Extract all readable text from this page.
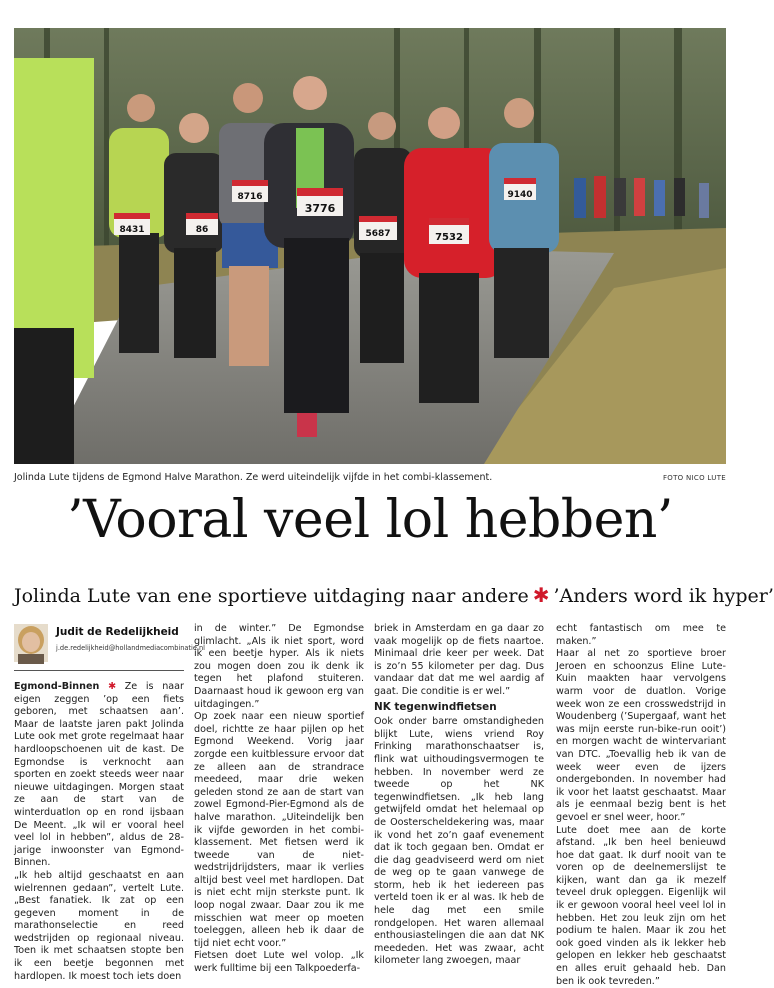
3776
8716
7532
5687
8431
9140
86
Jolinda Lute tijdens de Egmond Halve Marathon. Ze werd uiteindelijk vijfde in het combi-klassement.	FOTO NICO LUTE
’Vooral veel lol hebben’
Jolinda Lute van ene sportieve uitdaging naar andere ✱ ’Anders word ik hyper’
Judit de Redelijkheid
j.de.redelijkheid@hollandmediacombinatie.nl

Egmond-Binnen ✱ Ze is naar eigen zeggen ’op een fiets geboren, met schaatsen aan’. Maar de laatste jaren pakt Jolinda Lute ook met grote regelmaat haar hardloopschoenen uit de kast. De Egmondse is verknocht aan sporten en zoekt steeds weer naar nieuwe uitdagingen. Morgen staat ze aan de start van de winterduatlon op en rond ijsbaan De Meent. „Ik wil er vooral heel veel lol in hebben”, aldus de 28-jarige inwoonster van Egmond-Binnen.
„Ik heb altijd geschaatst en aan wielrennen gedaan”, vertelt Lute. „Best fanatiek. Ik zat op een gegeven moment in de marathonselectie en reed wedstrijden op regionaal niveau. Toen ik met schaatsen stopte ben ik een beetje begonnen met hardlopen. Ik moest toch iets doen

in de winter.” De Egmondse glimlacht. „Als ik niet sport, word ik een beetje hyper. Als ik niets zou mogen doen zou ik denk ik tegen het plafond stuiteren. Daarnaast houd ik gewoon erg van uitdagingen.”
Op zoek naar een nieuw sportief doel, richtte ze haar pijlen op het Egmond Weekend. Vorig jaar zorgde een kuitblessure ervoor dat ze alleen aan de strandrace meedeed, maar drie weken geleden stond ze aan de start van zowel Egmond-Pier-Egmond als de halve marathon. „Uiteindelijk ben ik vijfde geworden in het combi-klassement. Met fietsen werd ik tweede van de niet-wedstrijdrijdsters, maar ik verlies altijd best veel met hardlopen. Dat is niet echt mijn sterkste punt. Ik loop nogal zwaar. Daar zou ik me misschien wat meer op moeten toeleggen, alleen heb ik daar de tijd niet echt voor.”
Fietsen doet Lute wel volop. „Ik werk fulltime bij een Talkpoederfa-

briek in Amsterdam en ga daar zo vaak mogelijk op de fiets naartoe. Minimaal drie keer per week. Dat is zo’n 55 kilometer per dag. Dus vandaar dat dat me wel aardig af gaat. Die conditie is er wel.”

NK tegenwindfietsen

Ook onder barre omstandigheden blijkt Lute, wiens vriend Roy Frinking marathonschaatser is, flink wat uithoudingsvermogen te hebben. In november werd ze tweede op het NK tegenwindfietsen. „Ik heb lang getwijfeld omdat het helemaal op de Oosterscheldekering was, maar ik vond het zo’n gaaf evenement dat ik toch gegaan ben. Omdat er die dag geadviseerd werd om niet de weg op te gaan vanwege de storm, heb ik het iedereen pas verteld toen ik er al was. Ik heb de hele dag met een smile rondgelopen. Het waren allemaal enthousiastelingen die aan dat NK meededen. Het was zwaar, acht kilometer lang zwoegen, maar

echt fantastisch om mee te maken.”
Haar al net zo sportieve broer Jeroen en schoonzus Eline Lute-Kuin maakten haar vervolgens warm voor de duatlon. Vorige week won ze een crosswedstrijd in Woudenberg (’Supergaaf, want het was mijn eerste run-bike-run ooit’) en morgen wacht de wintervariant van DTC. „Toevallig heb ik van de week weer even de ijzers ondergebonden. In november had ik voor het laatst geschaatst. Maar als je eenmaal bezig bent is het gevoel er snel weer, hoor.”
Lute doet mee aan de korte afstand. „Ik ben heel benieuwd hoe dat gaat. Ik durf nooit van te voren op de deelnemerslijst te kijken, want dan ga ik mezelf teveel druk opleggen. Eigenlijk wil ik er gewoon vooral heel veel lol in hebben. Het zou leuk zijn om het podium te halen. Maar ik zou het ook goed vinden als ik lekker heb gelopen en lekker heb geschaatst en alles eruit gehaald heb. Dan ben ik ook tevreden.”
